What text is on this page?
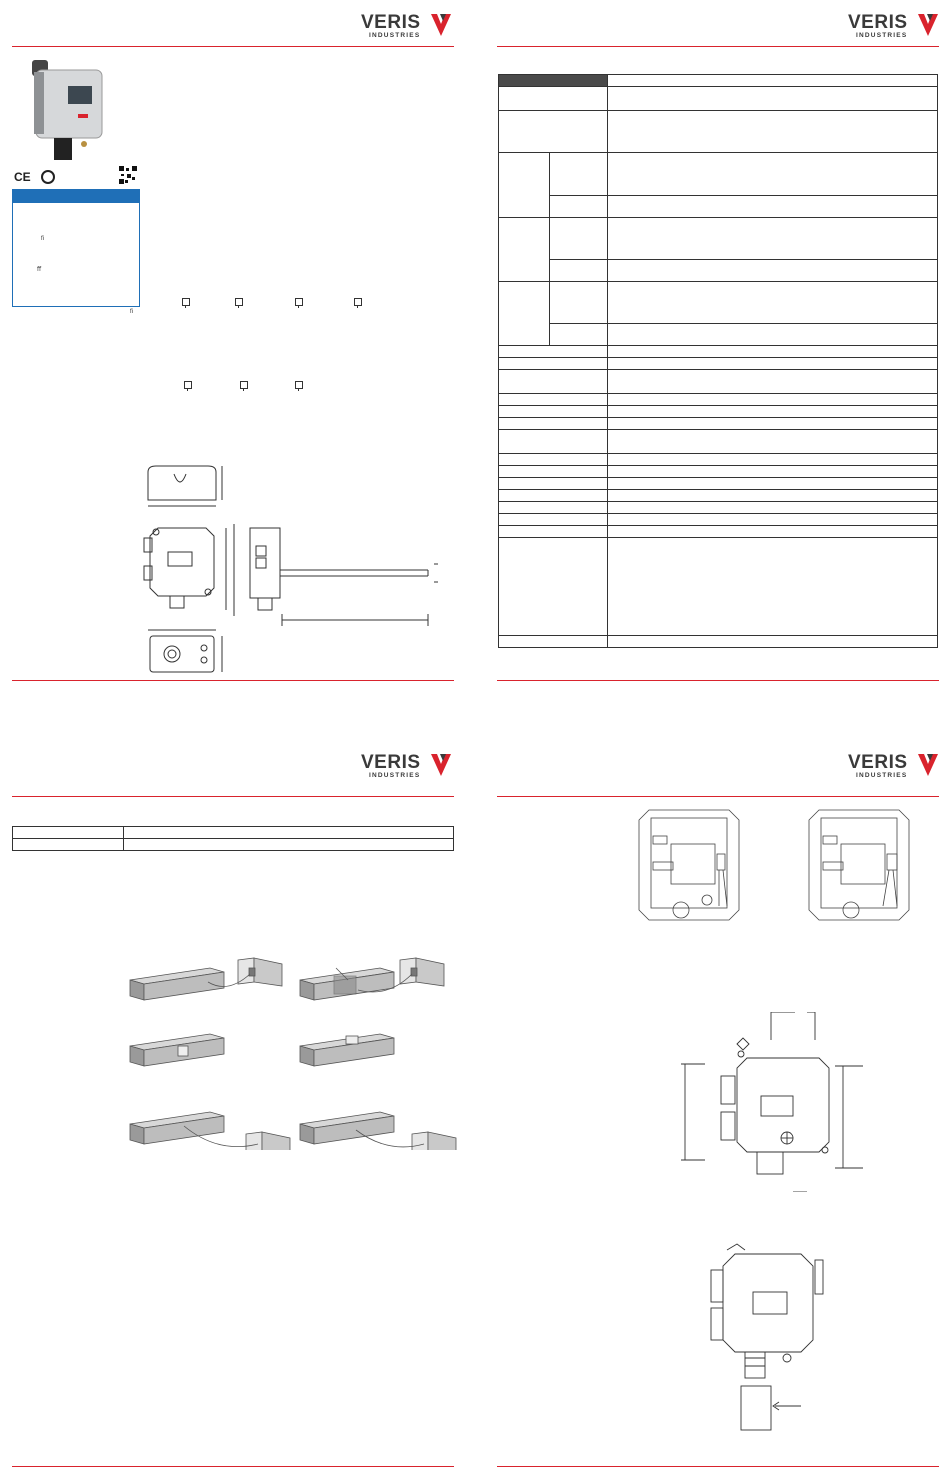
VERIS
INDUSTRIES
CE
ﬁ
ﬀ
ﬁ
VERIS
INDUSTRIES

VERIS
INDUSTRIES

VERIS
INDUSTRIES
